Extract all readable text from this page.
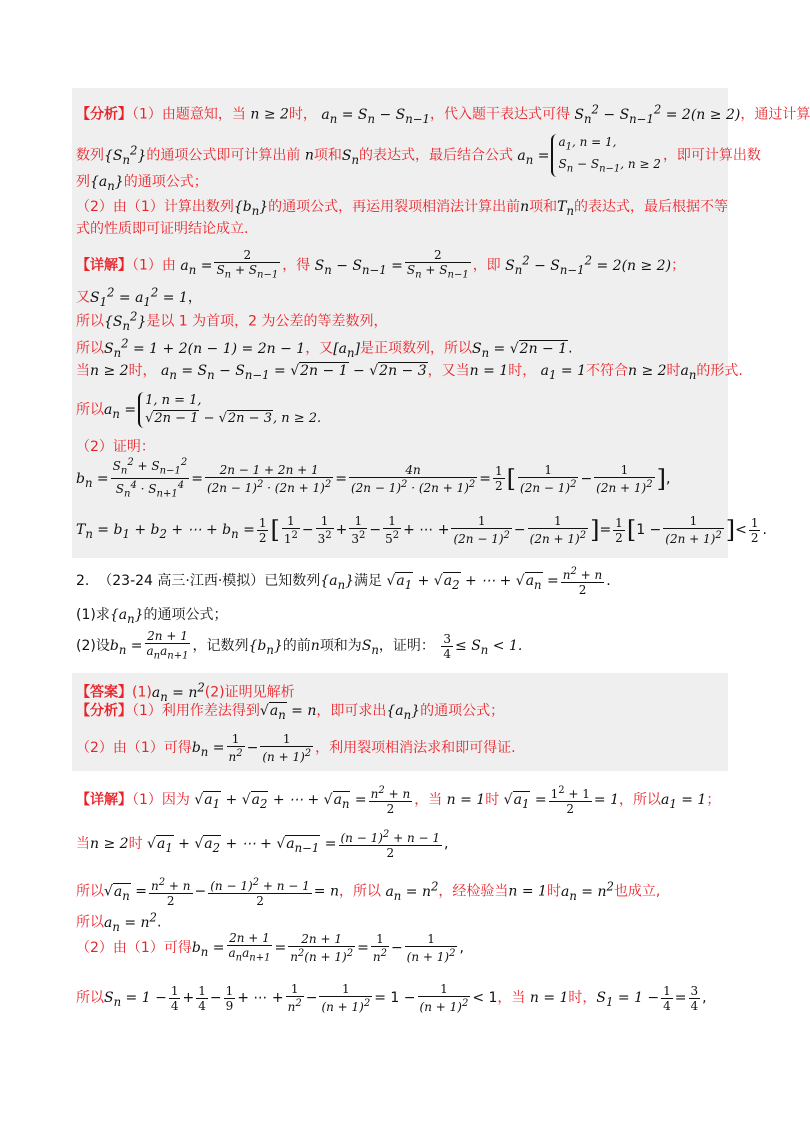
【分析】（1）由题意知，当 n ≥ 2时， $a_n = S_n - S_{n-1}$，代入题干表达式可得 $S_n^2 - S_{n-1}^2 = 2(n \ge 2)$，通过计算
数列$\{S_n^2\}$的通项公式即可计算出前 n项和$S_n$的表达式，最后结合公式 $a_n =a_1$, n = 1,
$S_n - S_{n-1}$, n ≥ 2 ，即可计算出数
列$\{a_n\}$的通项公式；
（2）由（1）计算出数列$\{b_n\}$的通项公式，再运用裂项相消法计算出前n项和$T_n$的表达式，最后根据不等
式的性质即可证明结论成立.
【详解】（1）由 $a_n = \frac{2}{S_n + S_{n-1}}$ ，得 $S_n - S_{n-1} = \frac{2}{S_n + S_{n-1}}$ ，即 $S_n^2 - S_{n-1}^2 = 2(n \ge 2)$；
又$S_1^2 = a_1^2 = 1$，
所以$\{S_n^2\}$是以 1 为首项，2 为公差的等差数列，
所以$S_n^2 = 1 + 2(n - 1) = 2n - 1$，又$[a_n]$是正项数列，所以$S_n = √2n - 1$.
当n ≥ 2时， $a_n = S_n - S_{n-1} = √2n - 1 - √2n - 3$，又当n = 1时， $a_1 = 1$不符合n ≥ 2时$a_n$的形式.
所以$a_n =1$, n = 1,
√2n − 1 − √2n − 3, n ≥ 2.
（2）证明：
$b_n = \frac{S_n^2 + S_{n-1}^2}{S_n^4 \cdot S_{n+1}^4} = \frac{2n - 1 + 2n + 1}{(2n - 1)^2 \cdot (2n + 1)^2} = \frac{4n}{(2n - 1)^2 \cdot (2n + 1)^2} = \frac{1}{2}$ [ $\frac{1}{(2n - 1)^2} - \frac{1}{(2n + 1)^2}$ ],
$T_n = b_1 + b_2$ + ⋯ + $b_n = \frac{1}{2}$ [ $\frac{1}{1^2} - \frac{1}{3^2} + \frac{1}{3^2} - \frac{1}{5^2}$ + ⋯ + $\frac{1}{(2n - 1)^2} - \frac{1}{(2n + 1)^2}$ ]= $\frac{1}{2} [1 - \frac{1}{(2n + 1)^2}$ ]< $\frac{1}{2}$ .
2. （23-24 高三·江西·模拟）已知数列$\{a_n\}$满足 $√a_1 + √a_2$ + ⋯ + $√a_n = \frac{n^2 + n}{2}$ .
(1)求$\{a_n\}$的通项公式；
(2)设$b_n = \frac{2n + 1}{a_na_{n+1}}$ ，记数列$\{b_n\}$的前n项和为$S_n$，证明： $\frac{3}{4} \le S_n < 1$.
【答案】$(1)a_n = n^2(2)$证明见解析
【分析】（1）利用作差法得到$√a_n = n$，即可求出$\{a_n\}$的通项公式；
（2）由（1）可得$b_n = \frac{1}{n^2} - \frac{1}{(n + 1)^2}$ ，利用裂项相消法求和即可得证.
【详解】（1）因为 $√a_1 + √a_2$ + ⋯ + $√a_n = \frac{n^2 + n}{2}$ ，当 n = 1时 $√a_1 = \frac{1^2 + 1}{2} = 1$，所以$a_1 = 1$；
当n ≥ 2时 $√a_1 + √a_2$ + ⋯ + $√a_{n-1} = \frac{(n - 1)^2 + n - 1}{2}$ ,
所以$√a_n = \frac{n^2 + n}{2} - \frac{(n - 1)^2 + n - 1}{2} = n$，所以 $a_n = n^2$，经检验当n = 1时$a_n = n^2$也成立,
所以$a_n = n^2$.
（2）由（1）可得$b_n = \frac{2n + 1}{a_na_{n+1}} = \frac{2n + 1}{n^2(n + 1)^2} = \frac{1}{n^2} - \frac{1}{(n + 1)^2}$ ,
所以$S_n = 1 - \frac{1}{4} + \frac{1}{4} - \frac{1}{9}$ + ⋯ + $\frac{1}{n^2} - \frac{1}{(n + 1)^2} = 1 - \frac{1}{(n + 1)^2} < 1$，当 n = 1时，$S_1 = 1 - \frac{1}{4} = \frac{3}{4}$ ,
